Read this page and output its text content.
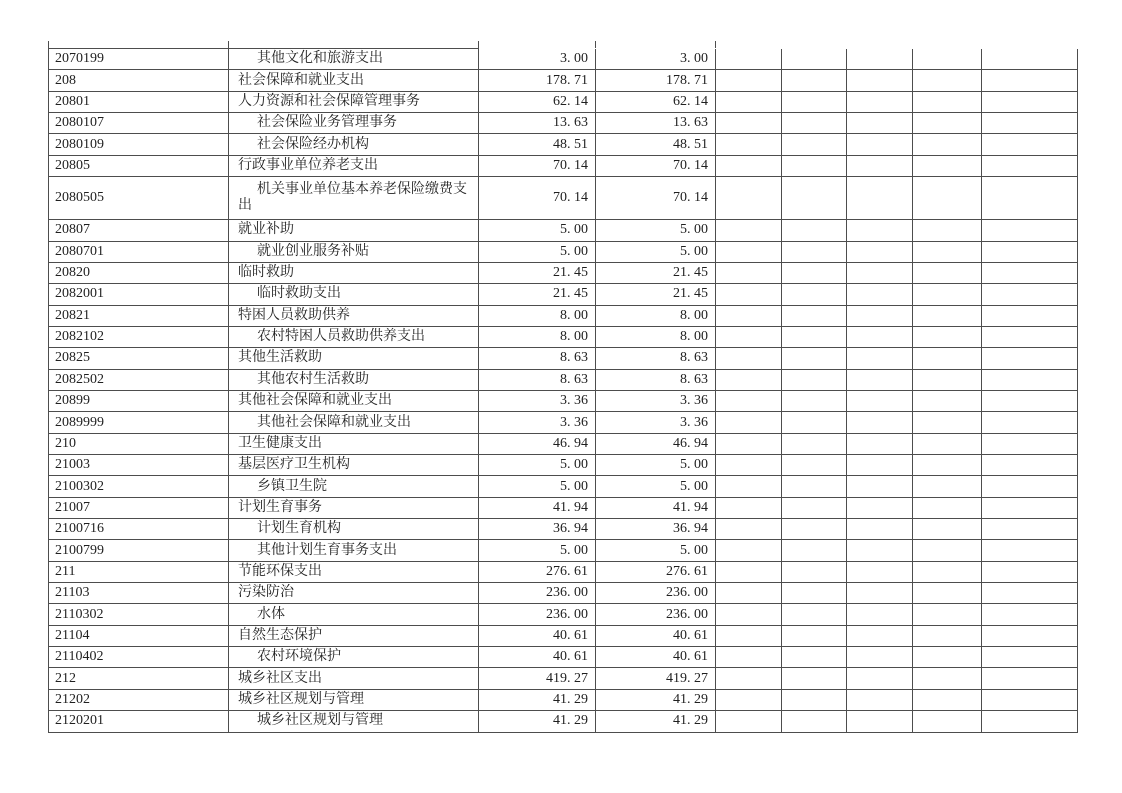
2070199	其他文化和旅游支出	3. 00	3. 00					
208	社会保障和就业支出	178. 71	178. 71					
20801	人力资源和社会保障管理事务	62. 14	62. 14					
2080107	社会保险业务管理事务	13. 63	13. 63					
2080109	社会保险经办机构	48. 51	48. 51					
20805	行政事业单位养老支出	70. 14	70. 14					
2080505	机关事业单位基本养老保险缴费支出	70. 14	70. 14					
20807	就业补助	5. 00	5. 00					
2080701	就业创业服务补贴	5. 00	5. 00					
20820	临时救助	21. 45	21. 45					
2082001	临时救助支出	21. 45	21. 45					
20821	特困人员救助供养	8. 00	8. 00					
2082102	农村特困人员救助供养支出	8. 00	8. 00					
20825	其他生活救助	8. 63	8. 63					
2082502	其他农村生活救助	8. 63	8. 63					
20899	其他社会保障和就业支出	3. 36	3. 36					
2089999	其他社会保障和就业支出	3. 36	3. 36					
210	卫生健康支出	46. 94	46. 94					
21003	基层医疗卫生机构	5. 00	5. 00					
2100302	乡镇卫生院	5. 00	5. 00					
21007	计划生育事务	41. 94	41. 94					
2100716	计划生育机构	36. 94	36. 94					
2100799	其他计划生育事务支出	5. 00	5. 00					
211	节能环保支出	276. 61	276. 61					
21103	污染防治	236. 00	236. 00					
2110302	水体	236. 00	236. 00					
21104	自然生态保护	40. 61	40. 61					
2110402	农村环境保护	40. 61	40. 61					
212	城乡社区支出	419. 27	419. 27					
21202	城乡社区规划与管理	41. 29	41. 29					
2120201	城乡社区规划与管理	41. 29	41. 29					
